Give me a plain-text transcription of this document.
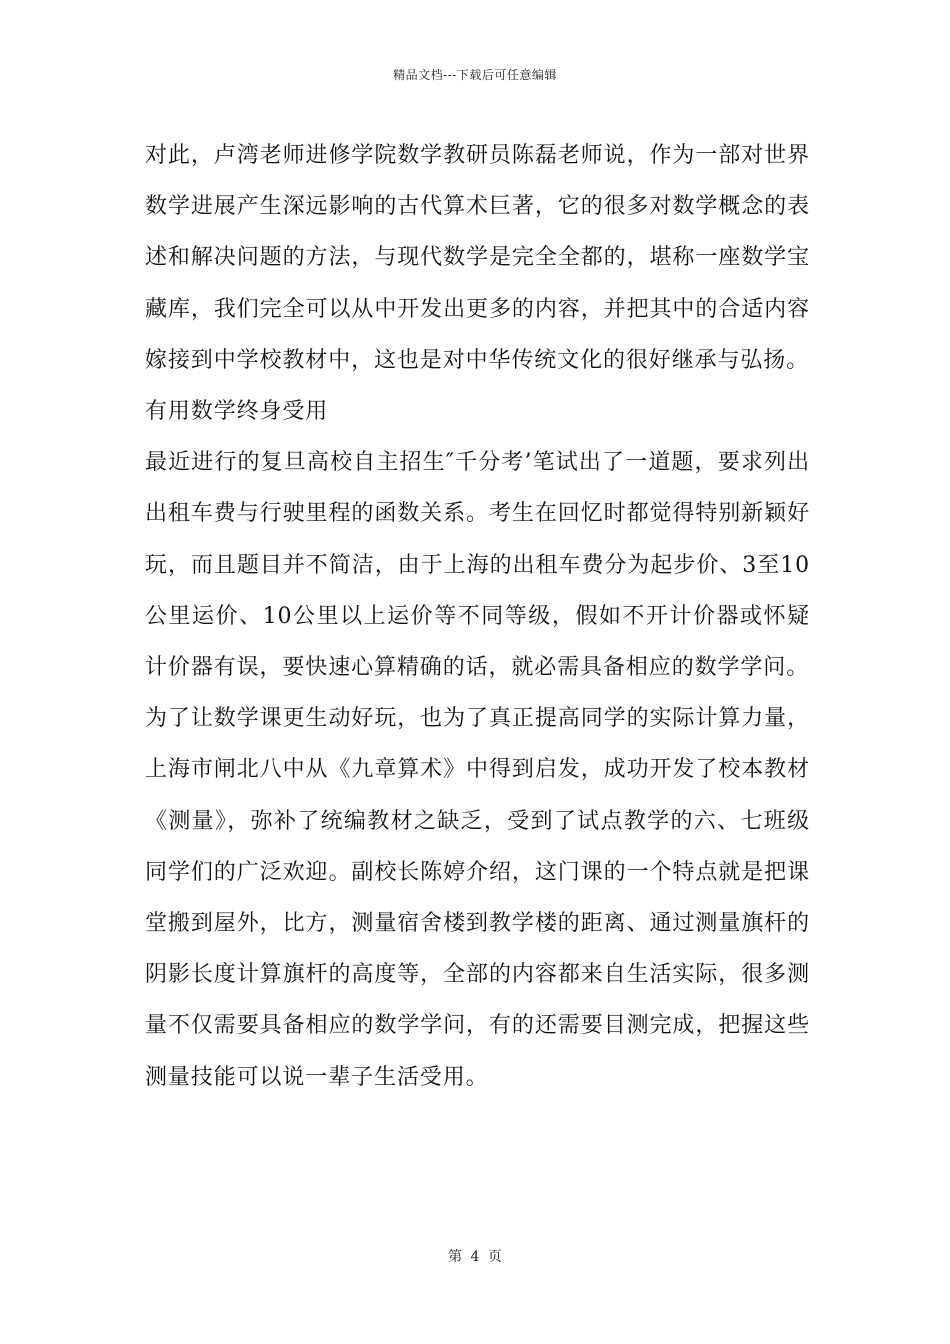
精品文档---下载后可任意编辑

对此，卢湾老师进修学院数学教研员陈磊老师说，作为一部对世界数学进展产生深远影响的古代算术巨著，它的很多对数学概念的表述和解决问题的方法，与现代数学是完全全都的，堪称一座数学宝藏库，我们完全可以从中开发出更多的内容，并把其中的合适内容嫁接到中学校教材中，这也是对中华传统文化的很好继承与弘扬。

有用数学终身受用

最近进行的复旦高校自主招生″千分考’笔试出了一道题，要求列出出租车费与行驶里程的函数关系。考生在回忆时都觉得特别新颖好玩，而且题目并不简洁，由于上海的出租车费分为起步价、3至10公里运价、10公里以上运价等不同等级，假如不开计价器或怀疑计价器有误，要快速心算精确的话，就必需具备相应的数学学问。

为了让数学课更生动好玩，也为了真正提高同学的实际计算力量，上海市闸北八中从《九章算术》中得到启发，成功开发了校本教材《测量》，弥补了统编教材之缺乏，受到了试点教学的六、七班级同学们的广泛欢迎。副校长陈婷介绍，这门课的一个特点就是把课堂搬到屋外，比方，测量宿舍楼到教学楼的距离、通过测量旗杆的阴影长度计算旗杆的高度等，全部的内容都来自生活实际，很多测量不仅需要具备相应的数学学问，有的还需要目测完成，把握这些测量技能可以说一辈子生活受用。

第 4 页
